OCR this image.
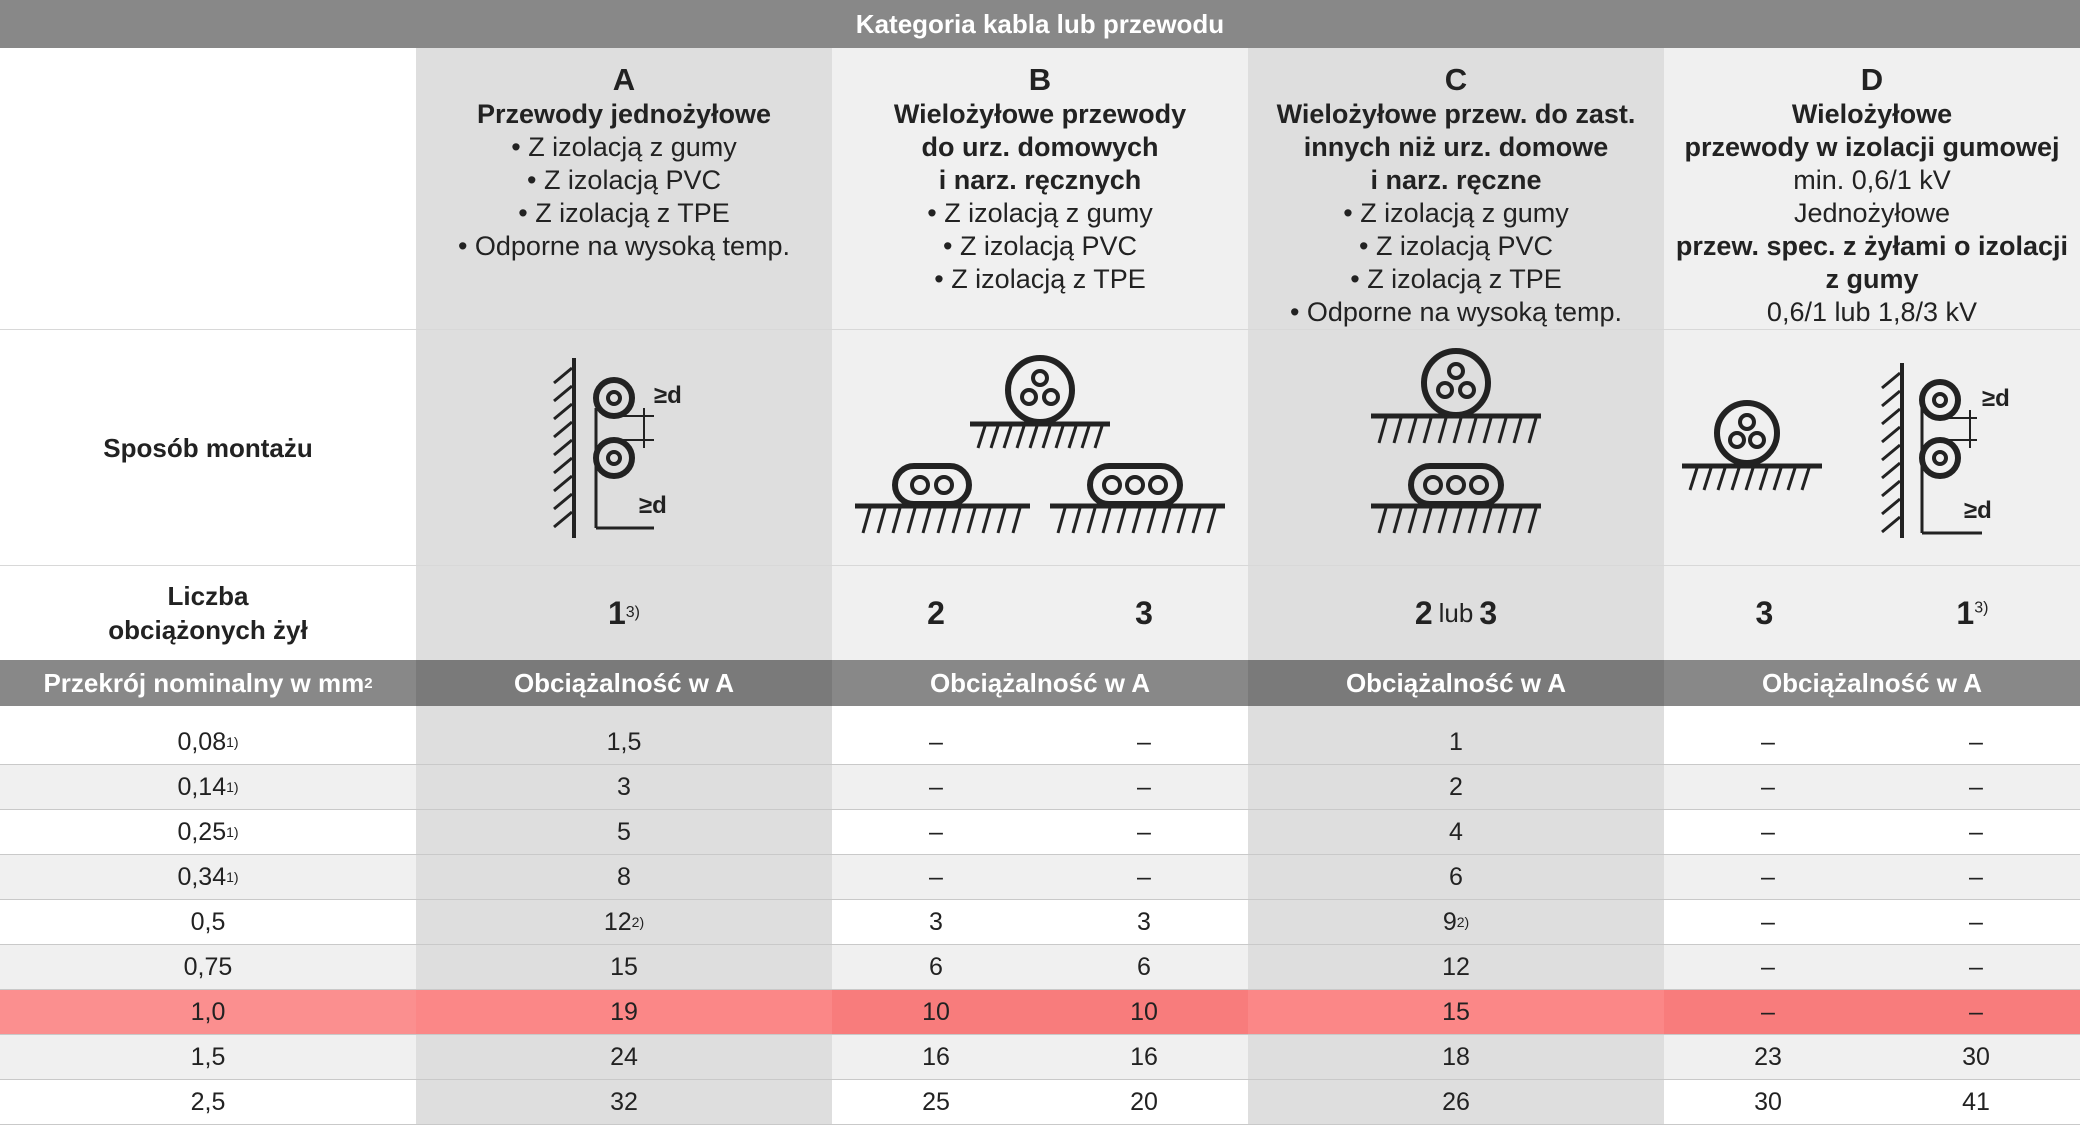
Kategoria kabla lub przewodu
A
Przewody jednożyłowe
• Z izolacją z gumy
• Z izolacją PVC
• Z izolacją z TPE
• Odporne na wysoką temp.
B
Wielożyłowe przewody
do urz. domowych
i narz. ręcznych
• Z izolacją z gumy
• Z izolacją PVC
• Z izolacją z TPE
C
Wielożyłowe przew. do zast.
innych niż urz. domowe
i narz. ręczne
• Z izolacją z gumy
• Z izolacją PVC
• Z izolacją z TPE
• Odporne na wysoką temp.
D
Wielożyłowe
przewody w izolacji gumowej
min. 0,6/1 kV
Jednożyłowe
przew. spec. z żyłami o izolacji
z gumy
0,6/1 lub 1,8/3 kV
Sposób montażu
≥d
≥d
≥d
≥d
Liczba
obciążonych żył	1 3)	2	3	2 lub 3	3	1$^{3)}$
Przekrój nominalny w mm 2	Obciążalność w A	Obciążalność w A	Obciążalność w A	Obciążalność w A
0,08 1)	1,5	–	–	1	–	–
0,14 1)	3	–	–	2	–	–
0,25 1)	5	–	–	4	–	–
0,34 1)	8	–	–	6	–	–
0,5	12 2)	3	3	9 2)	–	–
0,75	15	6	6	12	–	–
1,0	19	10	10	15	–	–
1,5	24	16	16	18	23	30
2,5	32	25	20	26	30	41
